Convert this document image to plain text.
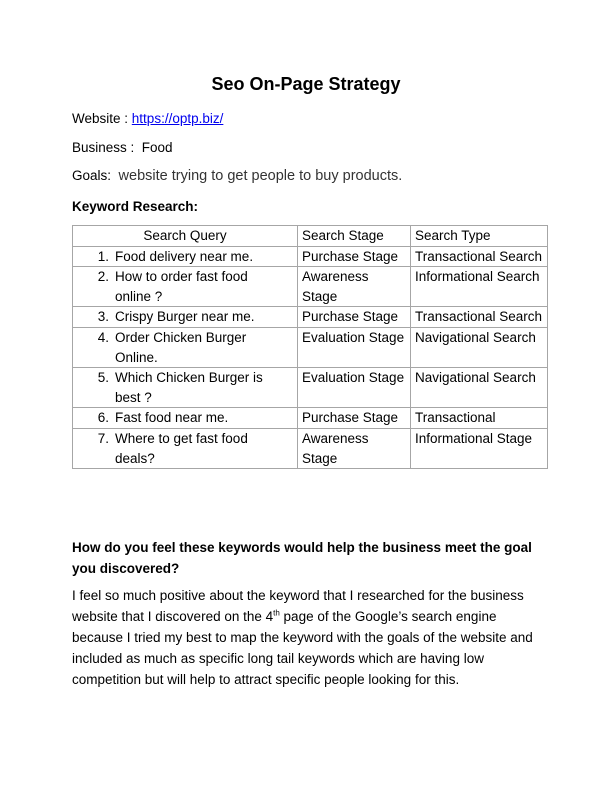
Seo On-Page Strategy
Website : https://optp.biz/
Business : Food
Goals: website trying to get people to buy products.
Keyword Research:
Search Query	Search Stage	Search Type
1. Food delivery near me.	Purchase Stage	Transactional Search
2. How to order fast food online ?	Awareness Stage	Informational Search
3. Crispy Burger near me.	Purchase Stage	Transactional Search
4. Order Chicken Burger Online.	Evaluation Stage	Navigational Search
5. Which Chicken Burger is best ?	Evaluation Stage	Navigational Search
6. Fast food near me.	Purchase Stage	Transactional
7. Where to get fast food deals?	Awareness Stage	Informational Stage
How do you feel these keywords would help the business meet the goal you discovered?
I feel so much positive about the keyword that I researched for the business website that I discovered on the 4th page of the Google’s search engine because I tried my best to map the keyword with the goals of the website and included as much as specific long tail keywords which are having low competition but will help to attract specific people looking for this.
